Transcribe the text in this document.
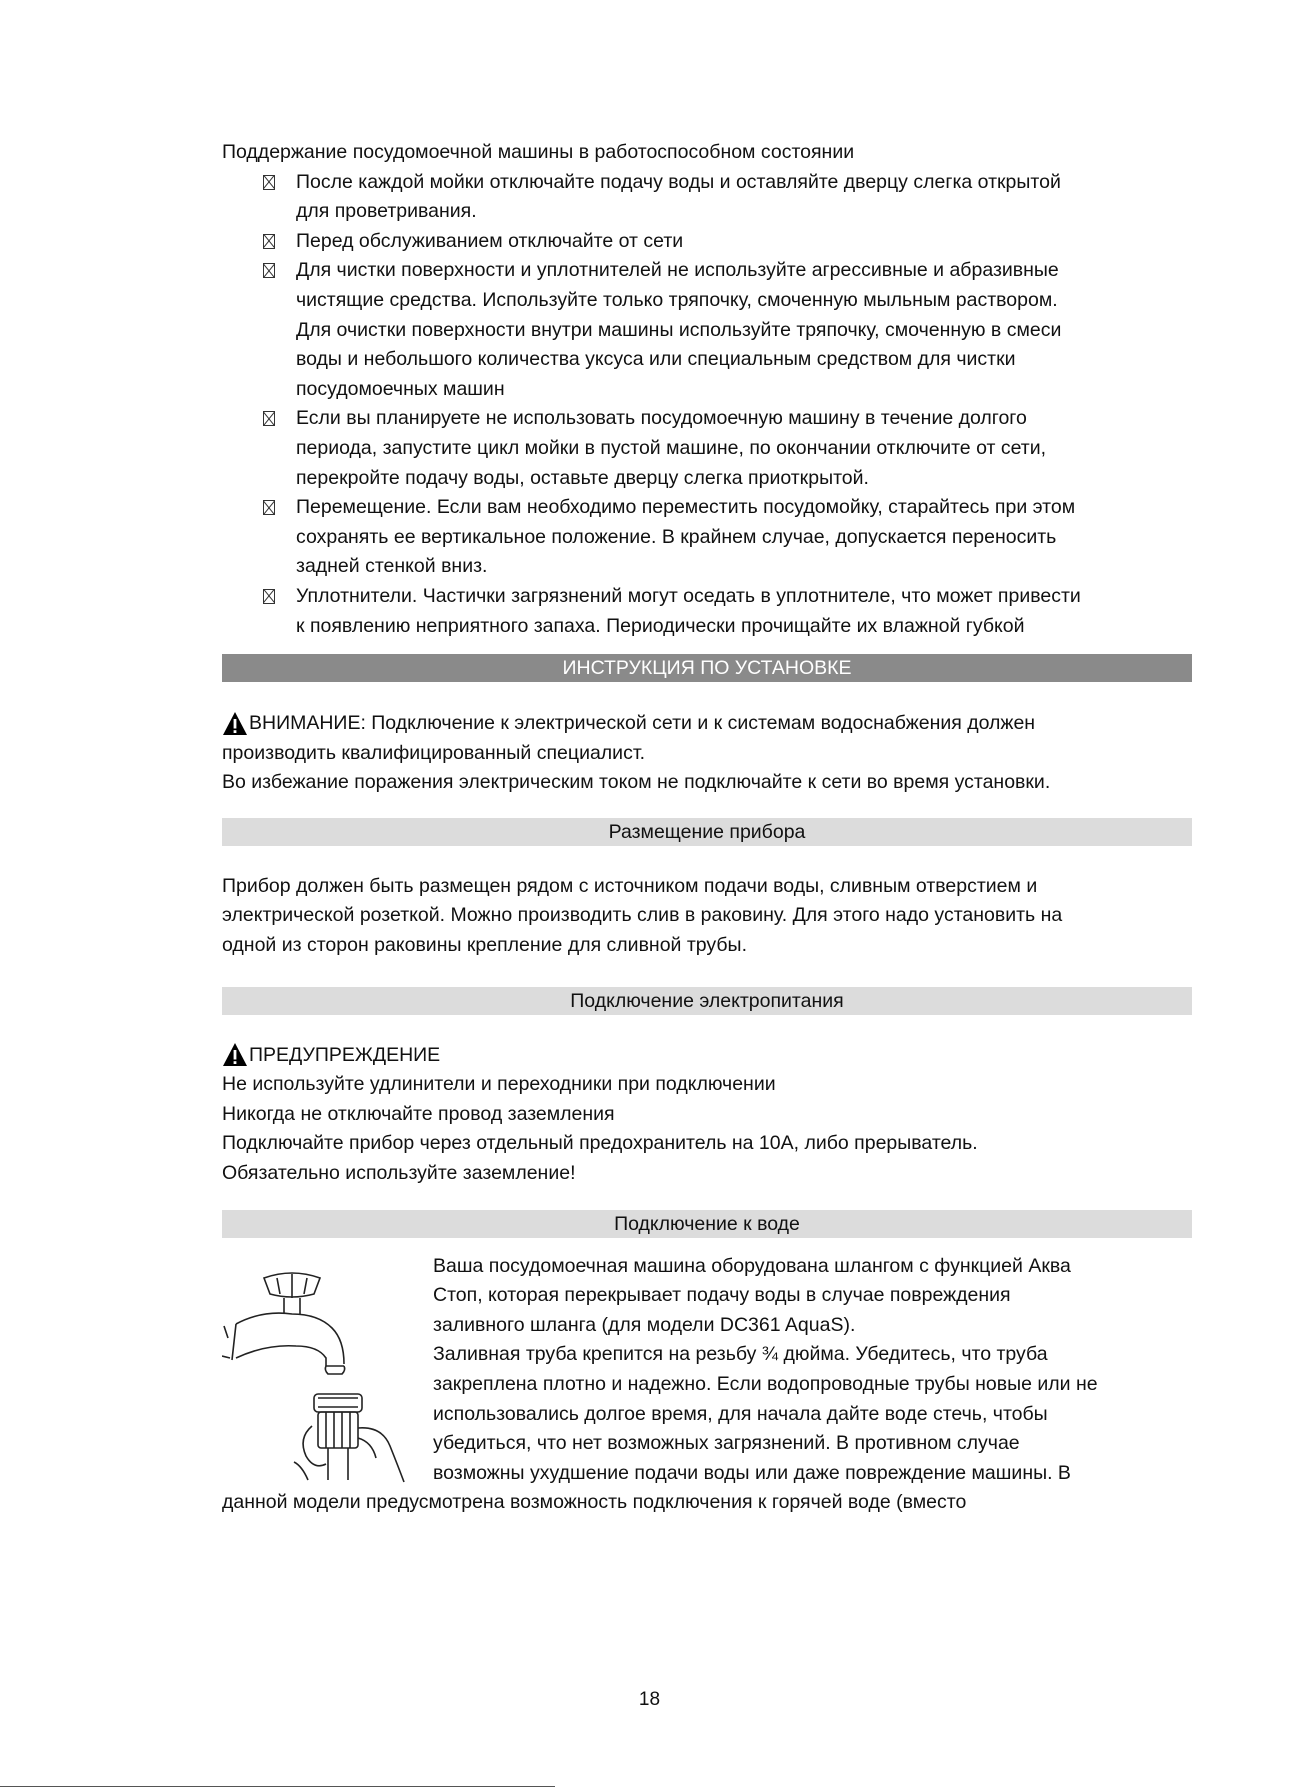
Поддержание посудомоечной машины в работоспособном состоянии
После каждой мойки отключайте подачу воды и оставляйте дверцу слегка открытой
для проветривания.
Перед обслуживанием отключайте от сети
Для чистки поверхности и уплотнителей не используйте агрессивные и абразивные
чистящие средства. Используйте только тряпочку, смоченную мыльным раствором.
Для очистки поверхности внутри машины используйте тряпочку, смоченную в смеси
воды и небольшого количества уксуса или специальным средством для чистки
посудомоечных машин
Если вы планируете не использовать посудомоечную машину в течение долгого
периода, запустите цикл мойки в пустой машине, по окончании отключите от сети,
перекройте подачу воды, оставьте дверцу слегка приоткрытой.
Перемещение. Если вам необходимо переместить посудомойку, старайтесь при этом
сохранять ее вертикальное положение. В крайнем случае, допускается переносить
задней стенкой вниз.
Уплотнители. Частички загрязнений могут оседать в уплотнителе, что может привести
к появлению неприятного запаха. Периодически прочищайте их влажной губкой
ИНСТРУКЦИЯ ПО УСТАНОВКЕ
ВНИМАНИЕ: Подключение к электрической сети и к системам водоснабжения должен
производить квалифицированный специалист.
Во избежание поражения электрическим током не подключайте к сети во время установки.
Размещение прибора
Прибор должен быть размещен рядом с источником подачи воды, сливным отверстием и
электрической розеткой. Можно производить слив в раковину. Для этого надо установить на
одной из сторон раковины крепление для сливной трубы.
Подключение электропитания
ПРЕДУПРЕЖДЕНИЕ
Не используйте удлинители и переходники при подключении
Никогда не отключайте провод заземления
Подключайте прибор через отдельный предохранитель на 10А, либо прерыватель.
Обязательно используйте заземление!
Подключение к воде
Ваша посудомоечная машина оборудована шлангом с функцией Аква
Стоп, которая перекрывает подачу воды в случае повреждения
заливного шланга (для модели DC361 AquaS).
Заливная труба крепится на резьбу ¾ дюйма. Убедитесь, что труба
закреплена плотно и надежно. Если водопроводные трубы новые или не
использовались долгое время, для начала дайте воде стечь, чтобы
убедиться, что нет возможных загрязнений. В противном случае
возможны ухудшение подачи воды или даже повреждение машины. В
данной модели предусмотрена возможность подключения к горячей воде (вместо
18
